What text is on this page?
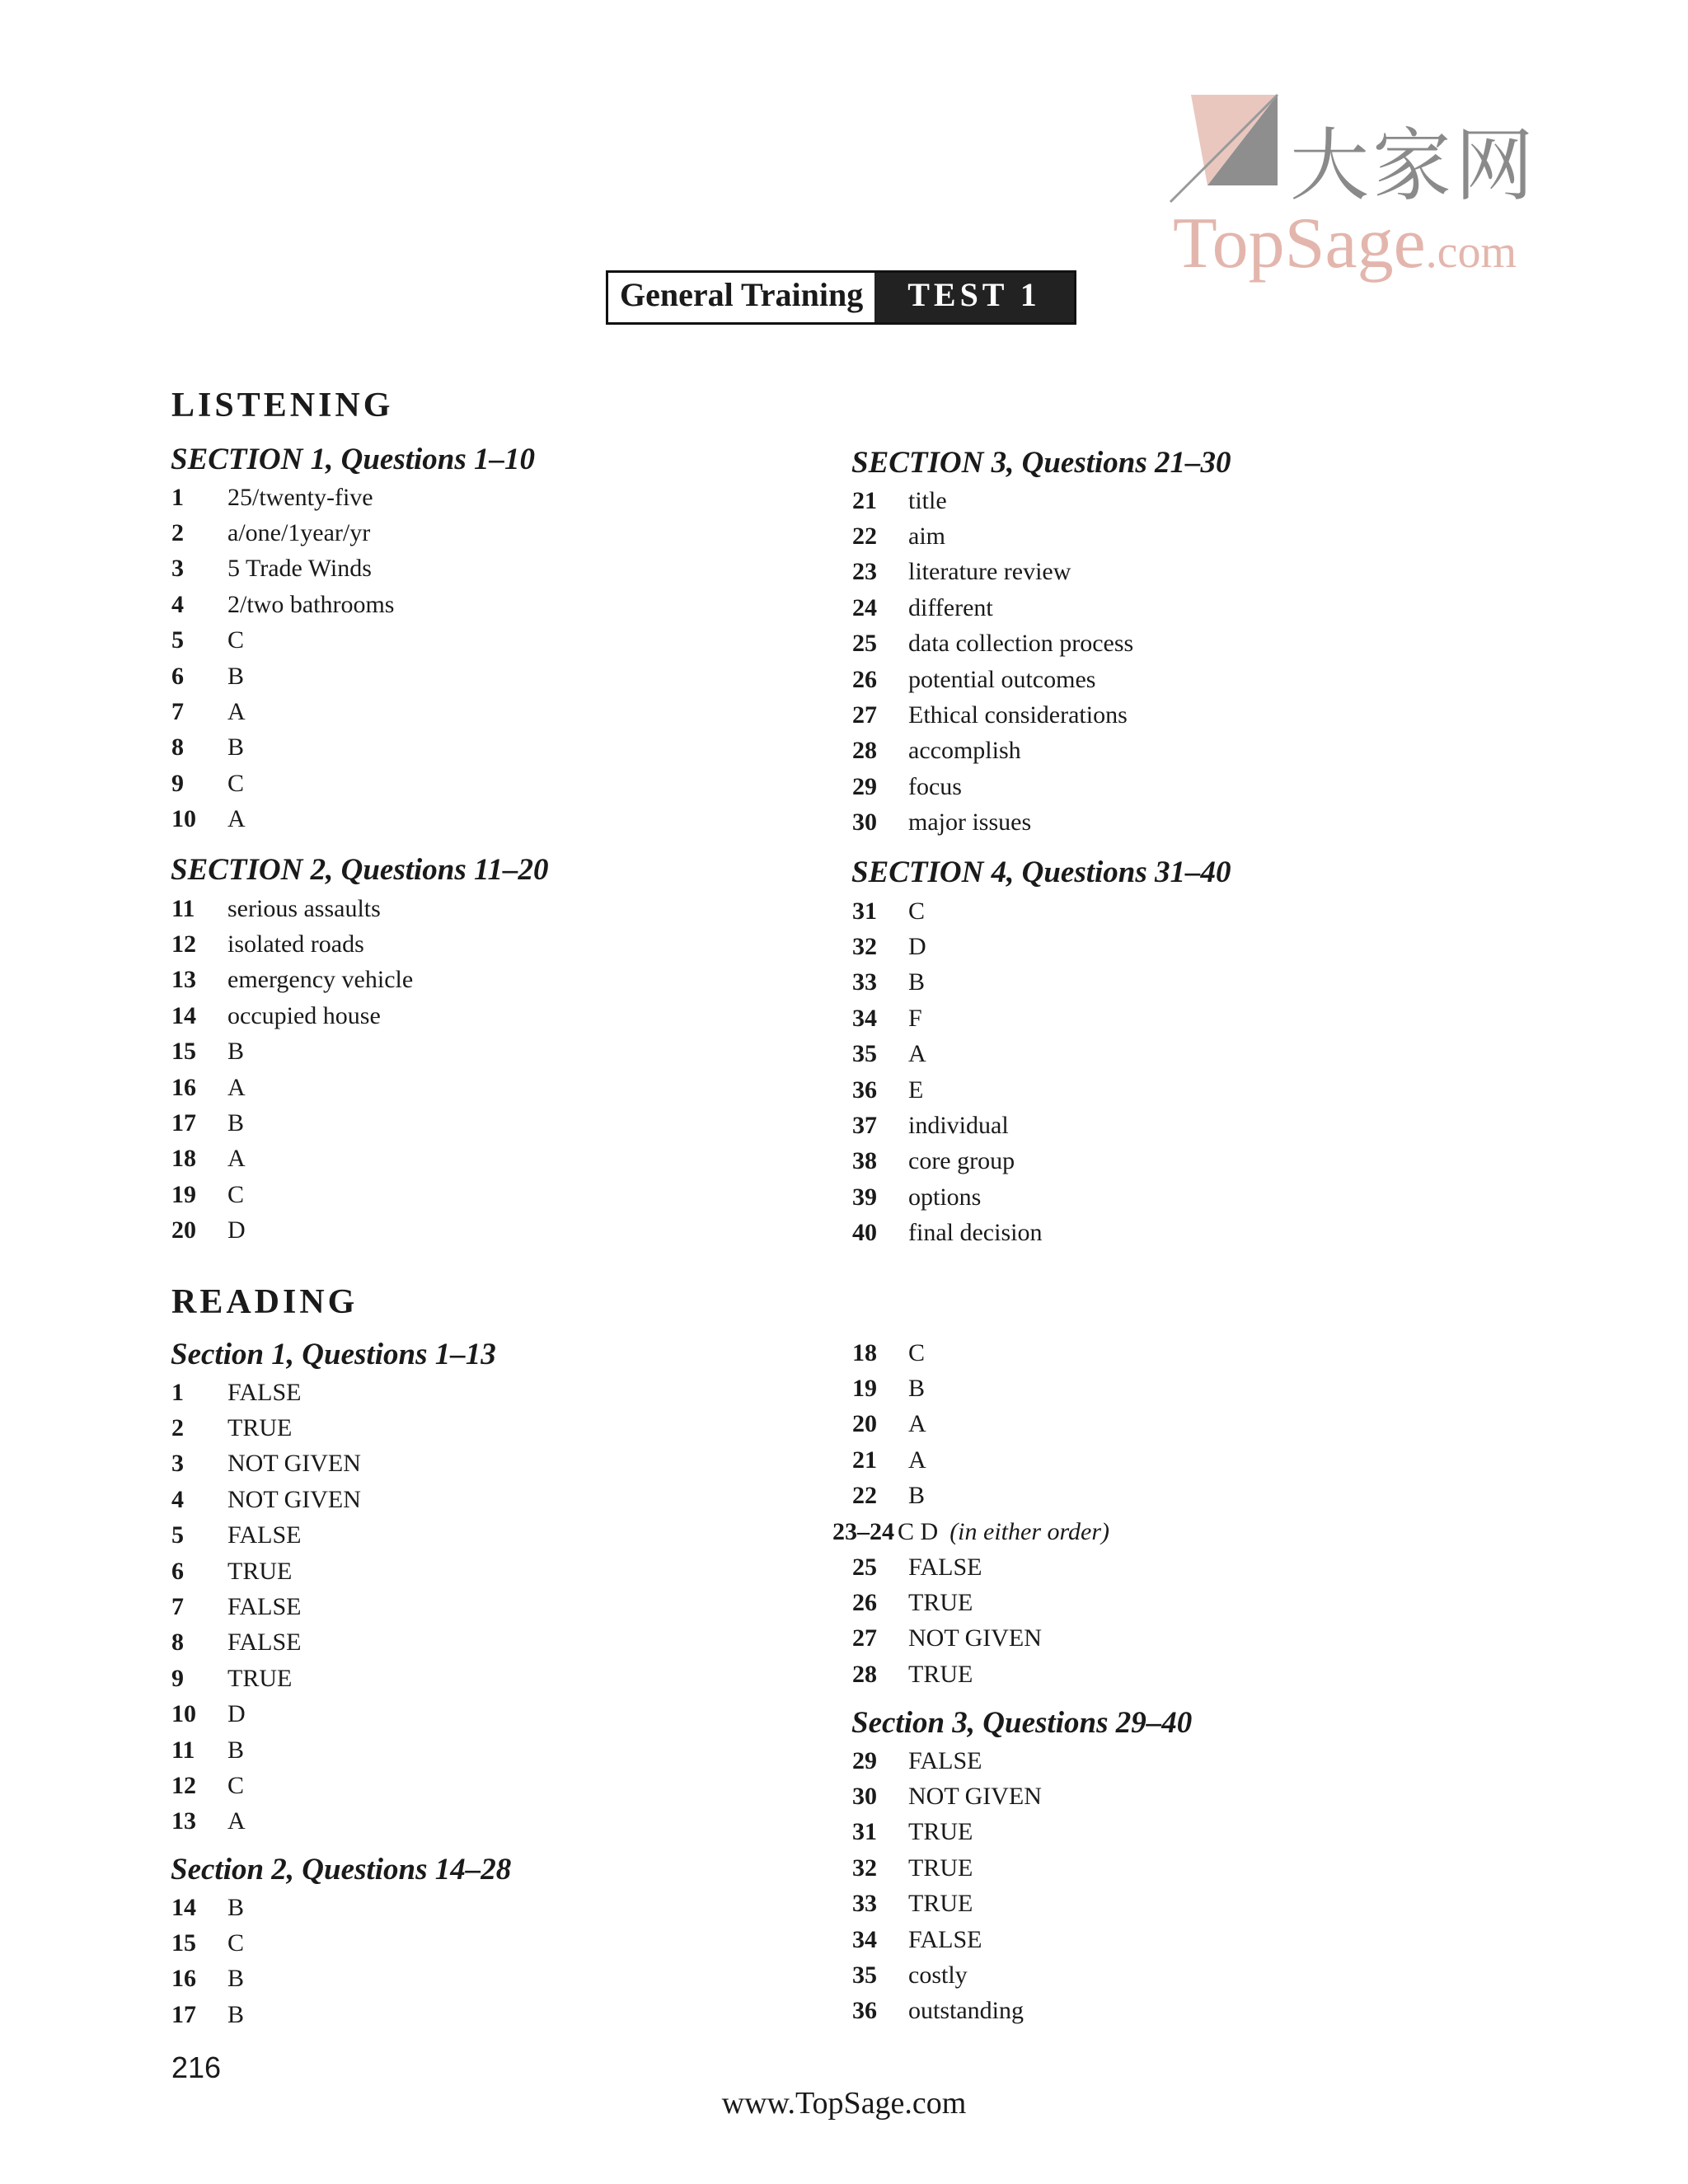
大家网
TopSage.com
General Training	TEST 1
LISTENING
SECTION 1, Questions 1–10
1	25/twenty-five
2	a/one/1year/yr
3	5 Trade Winds
4	2/two bathrooms
5	C
6	B
7	A
8	B
9	C
10	A
SECTION 2, Questions 11–20
11	serious assaults
12	isolated roads
13	emergency vehicle
14	occupied house
15	B
16	A
17	B
18	A
19	C
20	D
SECTION 3, Questions 21–30
21	title
22	aim
23	literature review
24	different
25	data collection process
26	potential outcomes
27	Ethical considerations
28	accomplish
29	focus
30	major issues
SECTION 4, Questions 31–40
31	C
32	D
33	B
34	F
35	A
36	E
37	individual
38	core group
39	options
40	final decision
READING
Section 1, Questions 1–13
1	FALSE
2	TRUE
3	NOT GIVEN
4	NOT GIVEN
5	FALSE
6	TRUE
7	FALSE
8	FALSE
9	TRUE
10	D
11	B
12	C
13	A
Section 2, Questions 14–28
14	B
15	C
16	B
17	B
18	C
19	B
20	A
21	A
22	B
23–24 C D (in either order)
25	FALSE
26	TRUE
27	NOT GIVEN
28	TRUE
Section 3, Questions 29–40
29	FALSE
30	NOT GIVEN
31	TRUE
32	TRUE
33	TRUE
34	FALSE
35	costly
36	outstanding
216
www.TopSage.com
